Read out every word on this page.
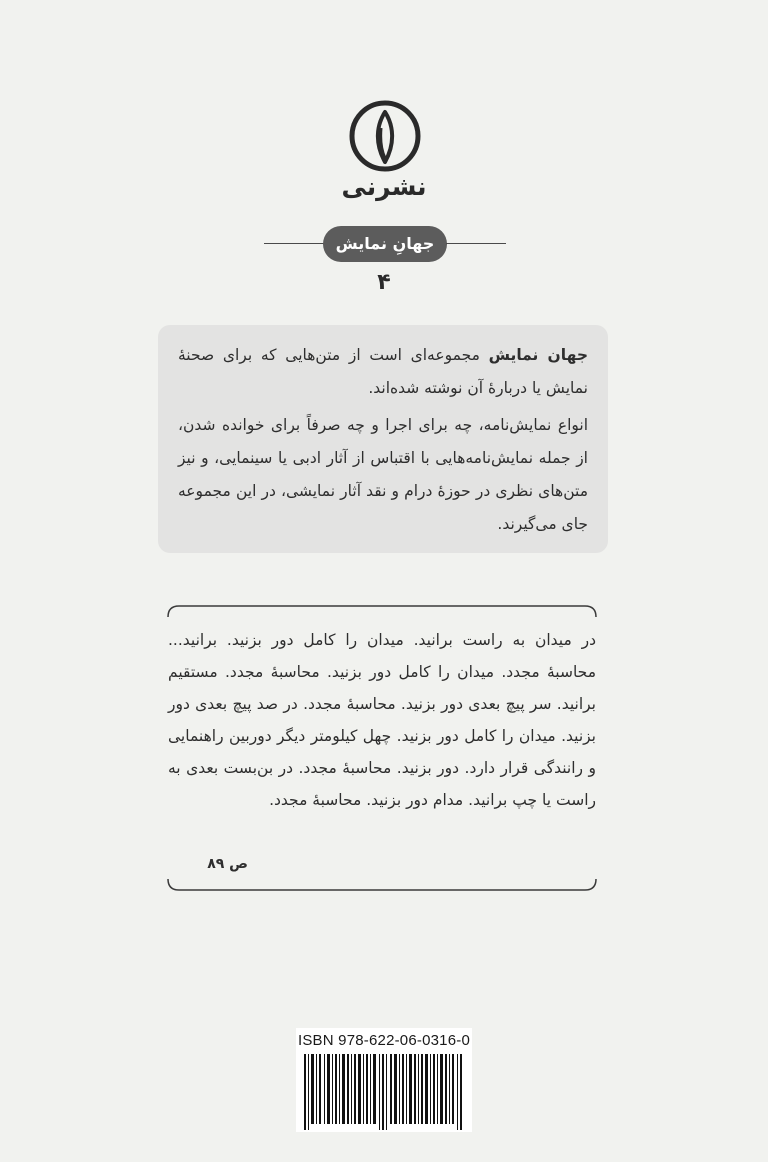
نشرنی
جهانِ نمایش
۴

جهان نمایش مجموعه‌ای است از متن‌هایی که برای صحنهٔ نمایش یا دربارهٔ آن نوشته شده‌اند.

انواع نمایش‌نامه، چه برای اجرا و چه صرفاً برای خوانده شدن، از جمله نمایش‌نامه‌هایی با اقتباس از آثار ادبی یا سینمایی، و نیز متن‌های نظری در حوزهٔ درام و نقد آثار نمایشی، در این مجموعه جای می‌گیرند.

در میدان به راست برانید. میدان را کامل دور بزنید. برانید... محاسبهٔ مجدد. میدان را کامل دور بزنید. محاسبهٔ مجدد. مستقیم برانید. سر پیچ بعدی دور بزنید. محاسبهٔ مجدد. در صد پیچ بعدی دور بزنید. میدان را کامل دور بزنید. چهل کیلومتر دیگر دوربین راهنمایی و رانندگی قرار دارد. دور بزنید. محاسبهٔ مجدد. در بن‌بست بعدی به راست یا چپ برانید. مدام دور بزنید. محاسبهٔ مجدد.

ص ۸۹
ISBN 978-622-06-0316-0
